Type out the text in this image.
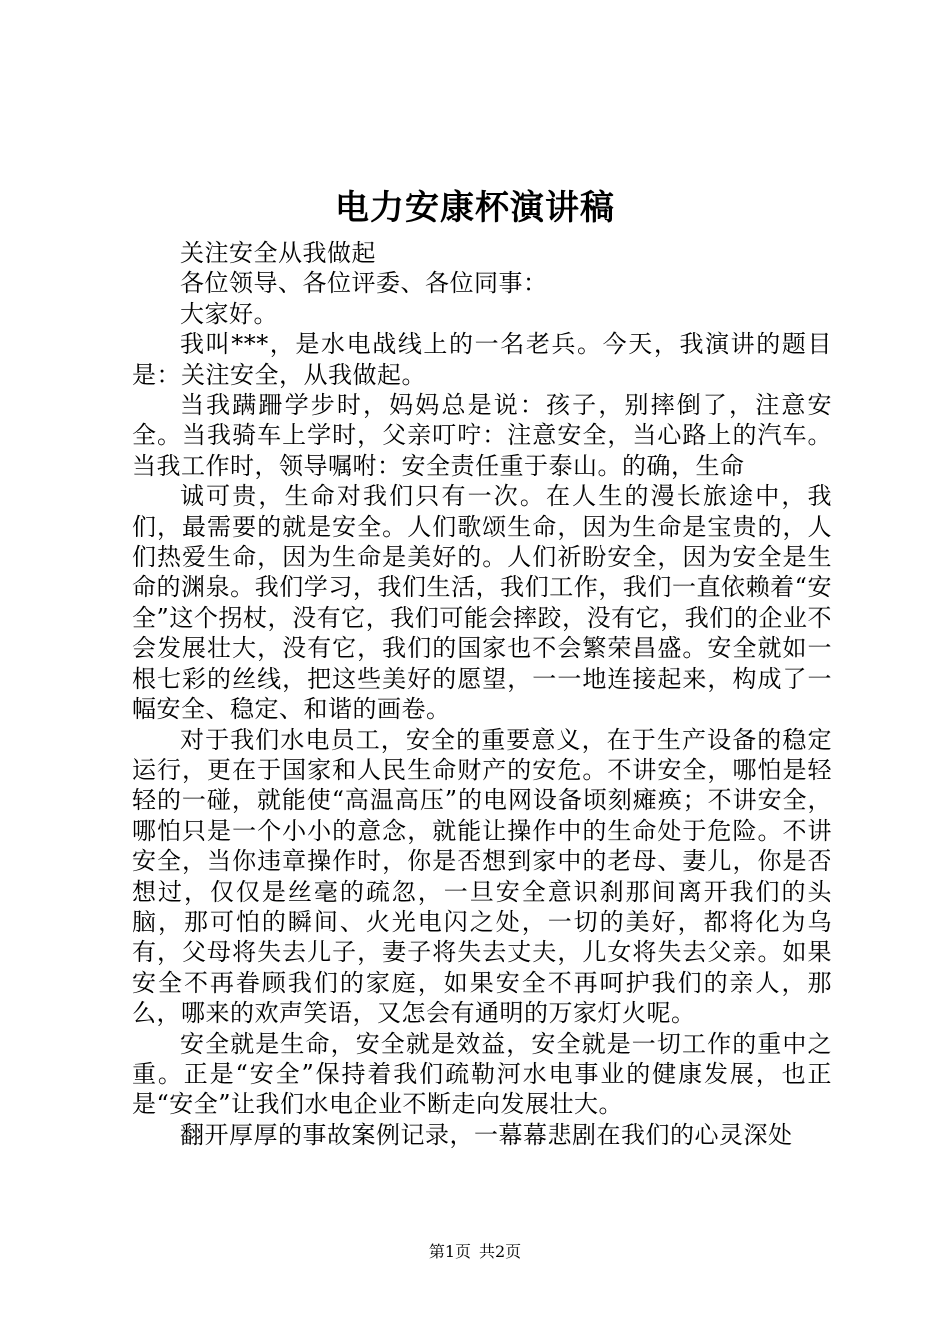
电力安康杯演讲稿

关注安全从我做起

各位领导、各位评委、各位同事：

大家好。

我叫***，是水电战线上的一名老兵。今天，我演讲的题目是：关注安全，从我做起。

当我蹒跚学步时，妈妈总是说：孩子，别摔倒了，注意安全。当我骑车上学时，父亲叮咛：注意安全，当心路上的汽车。当我工作时，领导嘱咐：安全责任重于泰山。的确，生命

诚可贵，生命对我们只有一次。在人生的漫长旅途中，我们，最需要的就是安全。人们歌颂生命，因为生命是宝贵的，人们热爱生命，因为生命是美好的。人们祈盼安全，因为安全是生命的渊泉。我们学习，我们生活，我们工作，我们一直依赖着“安全”这个拐杖，没有它，我们可能会摔跤，没有它，我们的企业不会发展壮大，没有它，我们的国家也不会繁荣昌盛。安全就如一根七彩的丝线，把这些美好的愿望，一一地连接起来，构成了一幅安全、稳定、和谐的画卷。

对于我们水电员工，安全的重要意义，在于生产设备的稳定运行，更在于国家和人民生命财产的安危。不讲安全，哪怕是轻轻的一碰，就能使“高温高压”的电网设备顷刻瘫痪；不讲安全，哪怕只是一个小小的意念，就能让操作中的生命处于危险。不讲安全，当你违章操作时，你是否想到家中的老母、妻儿，你是否想过，仅仅是丝毫的疏忽，一旦安全意识刹那间离开我们的头脑，那可怕的瞬间、火光电闪之处，一切的美好，都将化为乌有，父母将失去儿子，妻子将失去丈夫，儿女将失去父亲。如果安全不再眷顾我们的家庭，如果安全不再呵护我们的亲人，那么，哪来的欢声笑语，又怎会有通明的万家灯火呢。

安全就是生命，安全就是效益，安全就是一切工作的重中之重。正是“安全”保持着我们疏勒河水电事业的健康发展，也正是“安全”让我们水电企业不断走向发展壮大。

翻开厚厚的事故案例记录，一幕幕悲剧在我们的心灵深处

第1页 共2页
